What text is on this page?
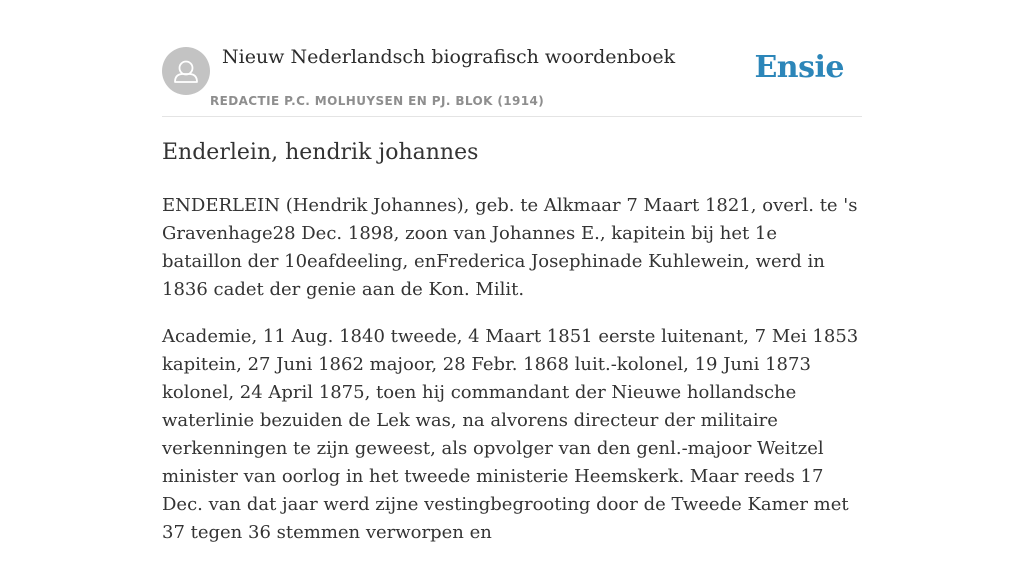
Nieuw Nederlandsch biografisch woordenboek
REDACTIE P.C. MOLHUYSEN EN PJ. BLOK (1914)
Ensie
Enderlein, hendrik johannes

ENDERLEIN (Hendrik Johannes), geb. te Alkmaar 7 Maart 1821, overl. te 's Gravenhage28 Dec. 1898, zoon van Johannes E., kapitein bij het 1e bataillon der 10eafdeeling, enFrederica Josephinade Kuhlewein, werd in 1836 cadet der genie aan de Kon. Milit.

Academie, 11 Aug. 1840 tweede, 4 Maart 1851 eerste luitenant, 7 Mei 1853 kapitein, 27 Juni 1862 majoor, 28 Febr. 1868 luit.-kolonel, 19 Juni 1873 kolonel, 24 April 1875, toen hij commandant der Nieuwe hollandsche waterlinie bezuiden de Lek was, na alvorens directeur der militaire verkenningen te zijn geweest, als opvolger van den genl.-majoor Weitzel minister van oorlog in het tweede ministerie Heemskerk. Maar reeds 17 Dec. van dat jaar werd zijne vestingbegrooting door de Tweede Kamer met 37 tegen 36 stemmen verworpen en
